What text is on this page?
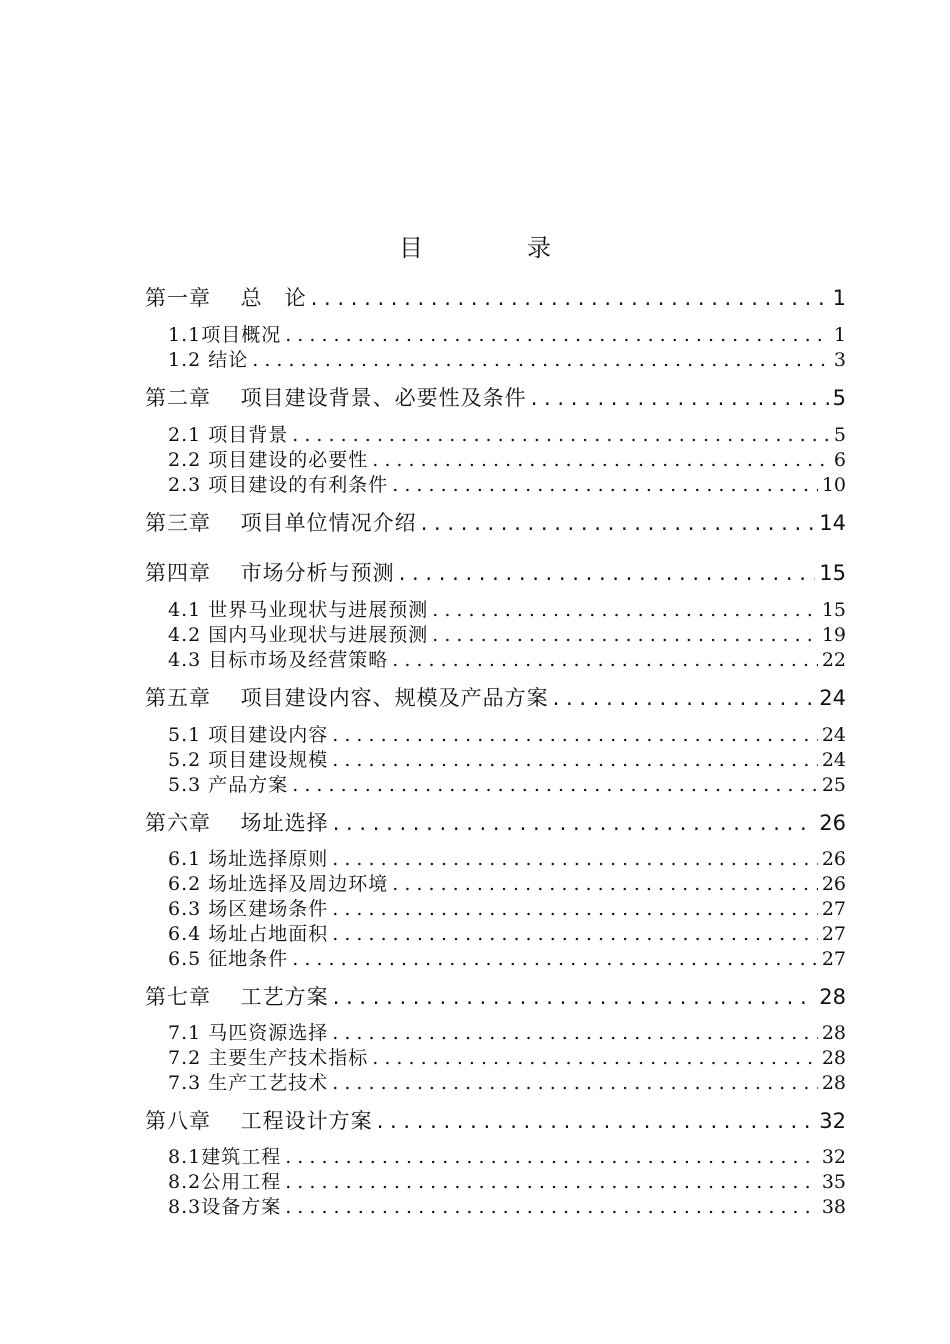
目　录
第一章　 总　论 . . .	1
1.1项目概况 . . .	1
1.2 结论 . . .	3
第二章　 项目建设背景、必要性及条件 . . .	5
2.1 项目背景 . . .	5
2.2 项目建设的必要性 . . .	6
2.3 项目建设的有利条件 . . .	10
第三章　 项目单位情况介绍 . . .	14
第四章　 市场分析与预测 . . .	15
4.1 世界马业现状与进展预测 . . .	15
4.2 国内马业现状与进展预测 . . .	19
4.3 目标市场及经营策略 . . .	22
第五章　 项目建设内容、规模及产品方案 . . .	24
5.1 项目建设内容 . . .	24
5.2 项目建设规模 . . .	24
5.3 产品方案 . . .	25
第六章　 场址选择 . . .	26
6.1 场址选择原则 . . .	26
6.2 场址选择及周边环境 . . .	26
6.3 场区建场条件 . . .	27
6.4 场址占地面积 . . .	27
6.5 征地条件 . . .	27
第七章　 工艺方案 . . .	28
7.1 马匹资源选择 . . .	28
7.2 主要生产技术指标 . . .	28
7.3 生产工艺技术 . . .	28
第八章　 工程设计方案 . . .	32
8.1建筑工程 . . .	32
8.2公用工程 . . .	35
8.3设备方案 . . .	38
